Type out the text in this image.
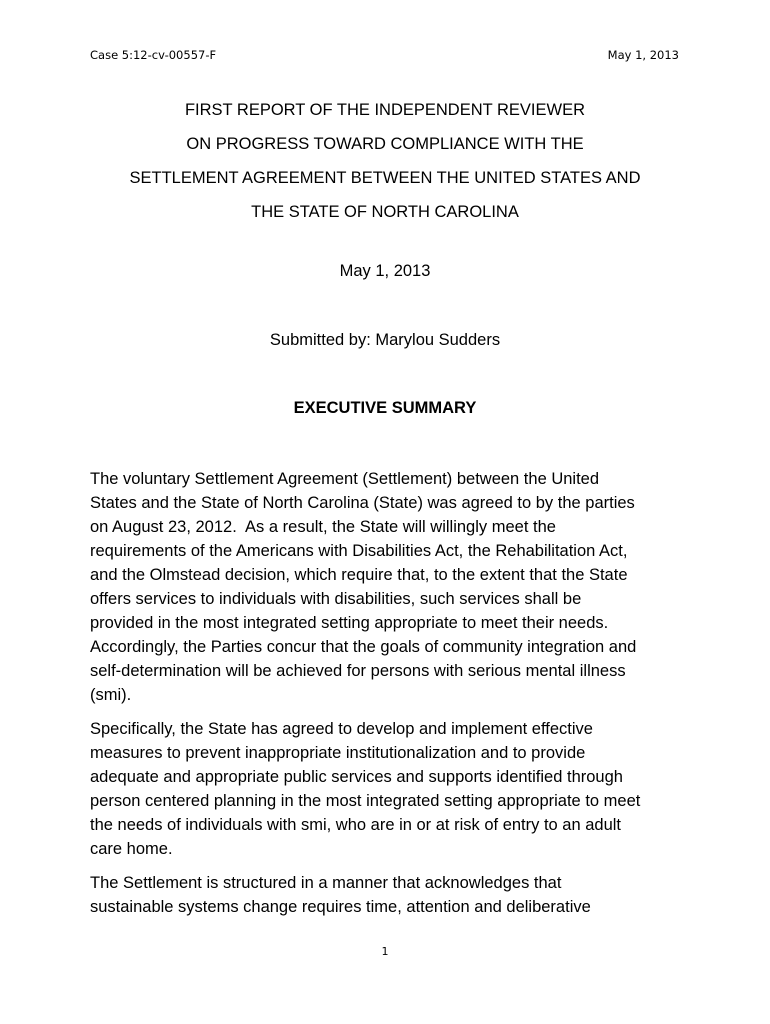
Case 5:12-cv-00557-F	May 1, 2013
FIRST REPORT OF THE INDEPENDENT REVIEWER
ON PROGRESS TOWARD COMPLIANCE WITH THE
SETTLEMENT AGREEMENT BETWEEN THE UNITED STATES AND
THE STATE OF NORTH CAROLINA
May 1, 2013
Submitted by: Marylou Sudders
EXECUTIVE SUMMARY
The voluntary Settlement Agreement (Settlement) between the United
States and the State of North Carolina (State) was agreed to by the parties
on August 23, 2012.  As a result, the State will willingly meet the
requirements of the Americans with Disabilities Act, the Rehabilitation Act,
and the Olmstead decision, which require that, to the extent that the State
offers services to individuals with disabilities, such services shall be
provided in the most integrated setting appropriate to meet their needs.
Accordingly, the Parties concur that the goals of community integration and
self-determination will be achieved for persons with serious mental illness
(smi).
Specifically, the State has agreed to develop and implement effective
measures to prevent inappropriate institutionalization and to provide
adequate and appropriate public services and supports identified through
person centered planning in the most integrated setting appropriate to meet
the needs of individuals with smi, who are in or at risk of entry to an adult
care home.
The Settlement is structured in a manner that acknowledges that
sustainable systems change requires time, attention and deliberative
1
